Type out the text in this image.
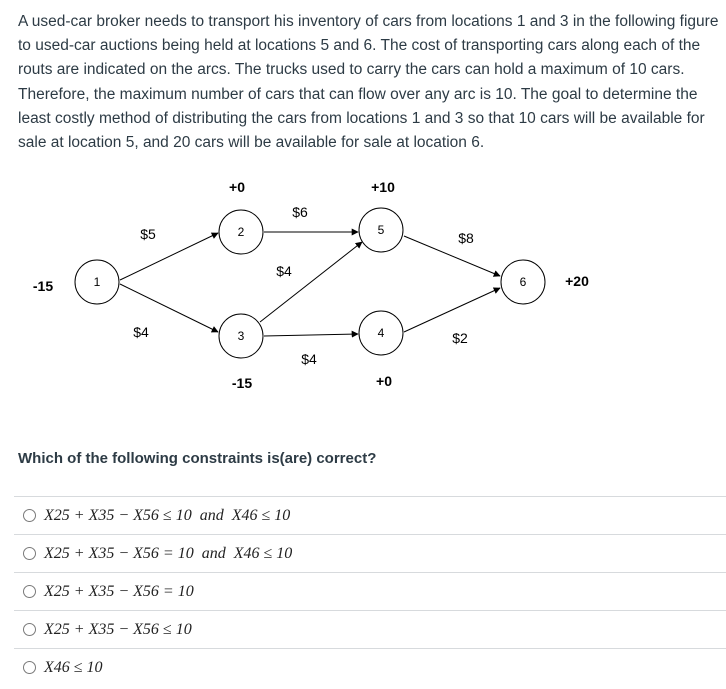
A used-car broker needs to transport his inventory of cars from locations 1 and 3 in the following figure to used-car auctions being held at locations 5 and 6. The cost of transporting cars along each of the routs are indicated on the arcs. The trucks used to carry the cars can hold a maximum of 10 cars. Therefore, the maximum number of cars that can flow over any arc is 10. The goal to determine the least costly method of distributing the cars from locations 1 and 3 so that 10 cars will be available for sale at location 5, and 20 cars will be available for sale at location 6.
1
2
3	4
5
6
-15
+0
-15	+0
+10
+20
$5
$4
$6
$4
$4
$8
$2
Which of the following constraints is(are) correct?
X25 + X35 − X56 ≤ 10  and  X46 ≤ 10
X25 + X35 − X56 = 10  and  X46 ≤ 10
X25 + X35 − X56 = 10
X25 + X35 − X56 ≤ 10
X46 ≤ 10
